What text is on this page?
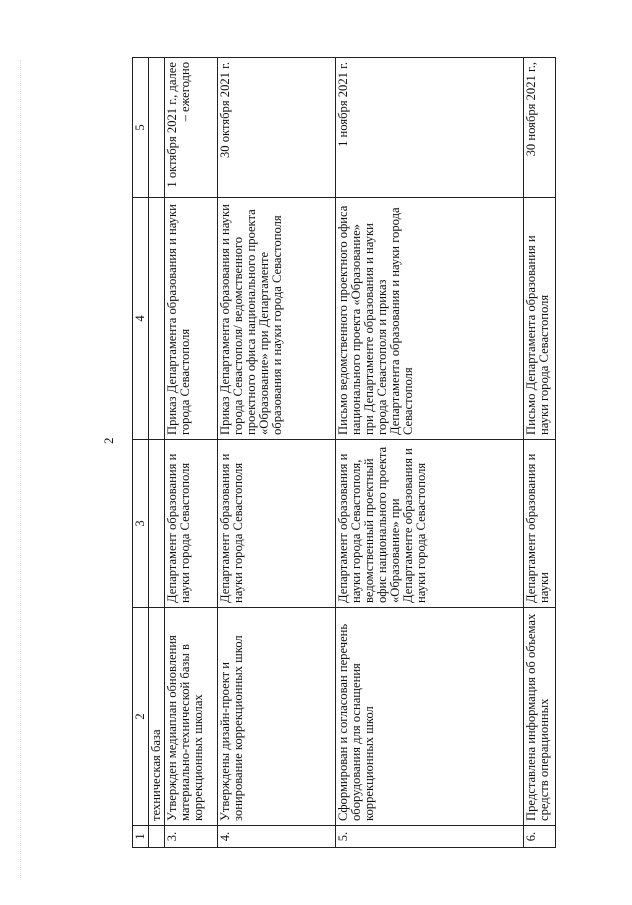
2
1	2	3	4	5
	техническая база			
3.	Утвержден медиаплан обновления материально-технической базы в коррекционных школах	Департамент образования и науки города Севастополя	Приказ Департамента образования и науки города Севастополя	1 октября 2021 г., далее – ежегодно
4.	Утверждены дизайн-проект и зонирование коррекционных школ	Департамент образования и науки города Севастополя	Приказ Департамента образования и науки города Севастополя/ ведомственного проектного офиса национального проекта «Образование» при Департаменте образования и науки города Севастополя	30 октября 2021 г.
5.	Сформирован и согласован перечень оборудования для оснащения коррекционных школ	Департамент образования и науки города Севастополя, ведомственный проектный офис национального проекта «Образование» при Департаменте образования и науки города Севастополя	Письмо ведомственного проектного офиса национального проекта «Образование» при Департаменте образования и науки города Севастополя и приказ Департамента образования и науки города Севастополя	1 ноября 2021 г.
6.	Представлена информация об объемах средств операционных	Департамент образования и науки	Письмо Департамента образования и науки города Севастополя	30 ноября 2021 г.,
